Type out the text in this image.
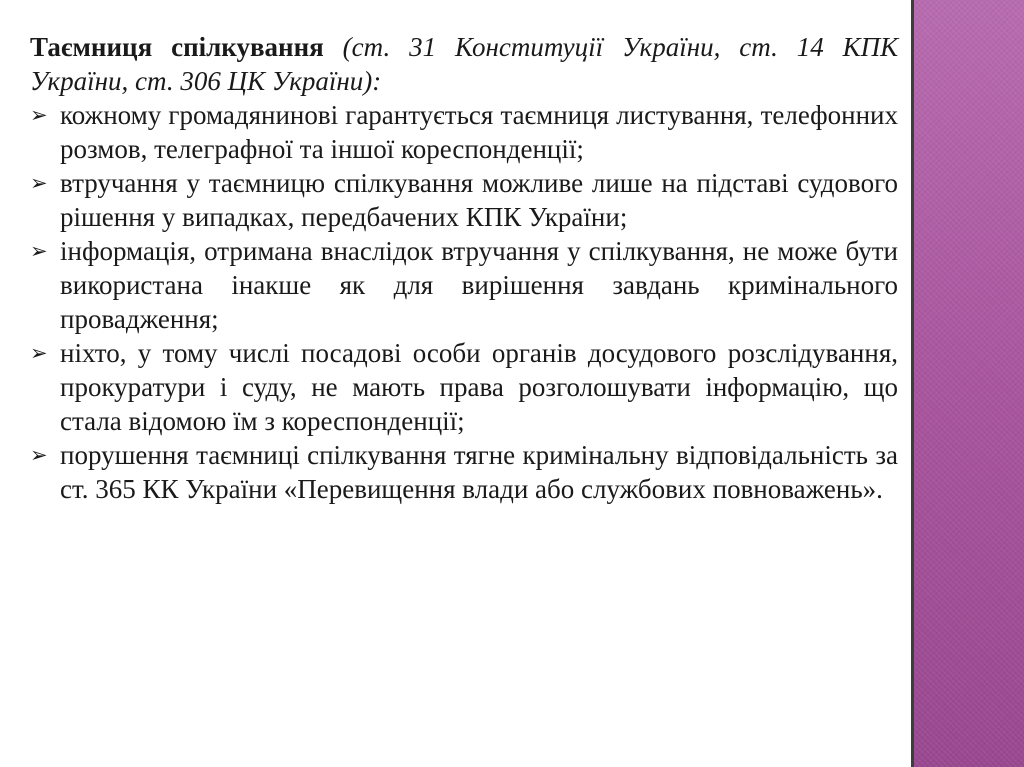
Таємниця спілкування (ст. 31 Конституції України, ст. 14 КПК України, ст. 306 ЦК України):

➢ кожному громадянинові гарантується таємниця листування, телефонних розмов, телеграфної та іншої кореспонденції;
➢ втручання у таємницю спілкування можливе лише на підставі судового рішення у випадках, передбачених КПК України;
➢ інформація, отримана внаслідок втручання у спілкування, не може бути використана інакше як для вирішення завдань кримінального провадження;
➢ ніхто, у тому числі посадові особи органів досудового розслідування, прокуратури і суду, не мають права розголошувати інформацію, що стала відомою їм з кореспонденції;
➢ порушення таємниці спілкування тягне кримінальну відповідальність за ст. 365 КК України «Перевищення влади або службових повноважень».
